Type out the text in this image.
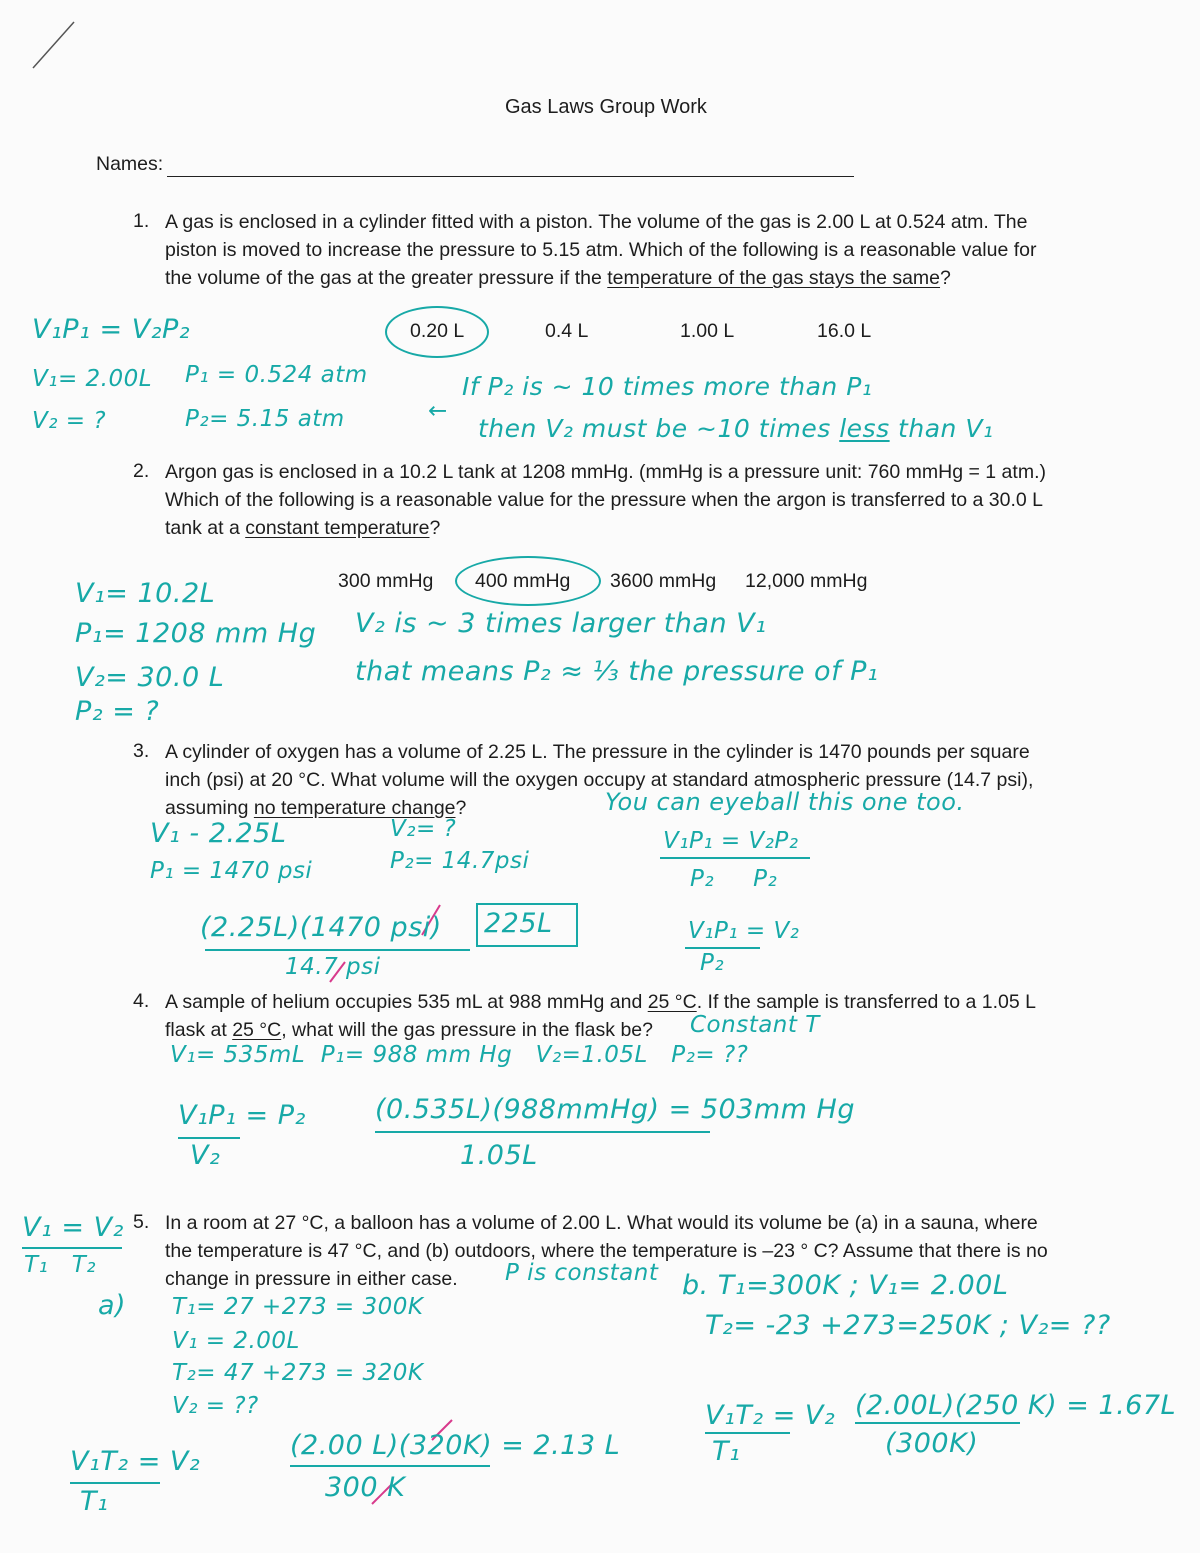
Gas Laws Group Work
Names:
1. A gas is enclosed in a cylinder fitted with a piston. The volume of the gas is 2.00 L at 0.524 atm. The
piston is moved to increase the pressure to 5.15 atm. Which of the following is a reasonable value for
the volume of the gas at the greater pressure if the temperature of the gas stays the same?
0.20 L	0.4 L	1.00 L	16.0 L
V₁P₁ = V₂P₂
V₁= 2.00L P₁ = 0.524 atm
V₂ = ?	P₂= 5.15 atm	←
If P₂ is ~ 10 times more than P₁
then V₂ must be ~10 times less than V₁
2. Argon gas is enclosed in a 10.2 L tank at 1208 mmHg. (mmHg is a pressure unit: 760 mmHg = 1 atm.)
Which of the following is a reasonable value for the pressure when the argon is transferred to a 30.0 L
tank at a constant temperature?
300 mmHg 400 mmHg 3600 mmHg 12,000 mmHg
V₁= 10.2L
P₁= 1208 mm Hg
V₂= 30.0 L
P₂ = ?
V₂ is ~ 3 times larger than V₁
that means P₂ ≈ ⅓ the pressure of P₁
3. A cylinder of oxygen has a volume of 2.25 L. The pressure in the cylinder is 1470 pounds per square
inch (psi) at 20 °C. What volume will the oxygen occupy at standard atmospheric pressure (14.7 psi),
assuming no temperature change?	You can eyeball this one too.
V₁ - 2.25L
P₁ = 1470 psi
V₂= ?
P₂= 14.7psi
(2.25L)(1470 psi)
14.7 psi
225L
V₁P₁ = V₂P₂
P₂     P₂
V₁P₁ = V₂
P₂
4. A sample of helium occupies 535 mL at 988 mmHg and 25 °C. If the sample is transferred to a 1.05 L
flask at 25 °C, what will the gas pressure in the flask be?	Constant T
V₁= 535mL  P₁= 988 mm Hg   V₂=1.05L   P₂= ??
V₁P₁ = P₂
V₂
(0.535L)(988mmHg) = 503mm Hg
1.05L
5. In a room at 27 °C, a balloon has a volume of 2.00 L. What would its volume be (a) in a sauna, where
the temperature is 47 °C, and (b) outdoors, where the temperature is –23 ° C? Assume that there is no
change in pressure in either case.
V₁ = V₂
T₁   T₂	P is constant
a) T₁= 27 +273 = 300K
V₁ = 2.00L
T₂= 47 +273 = 320K
V₂ = ??
V₁T₂ = V₂
T₁
(2.00 L)(320K) = 2.13 L
300 K
b. T₁=300K ; V₁= 2.00L
T₂= -23 +273=250K ; V₂= ??
V₁T₂ = V₂
T₁
(2.00L)(250 K) = 1.67L
(300K)
